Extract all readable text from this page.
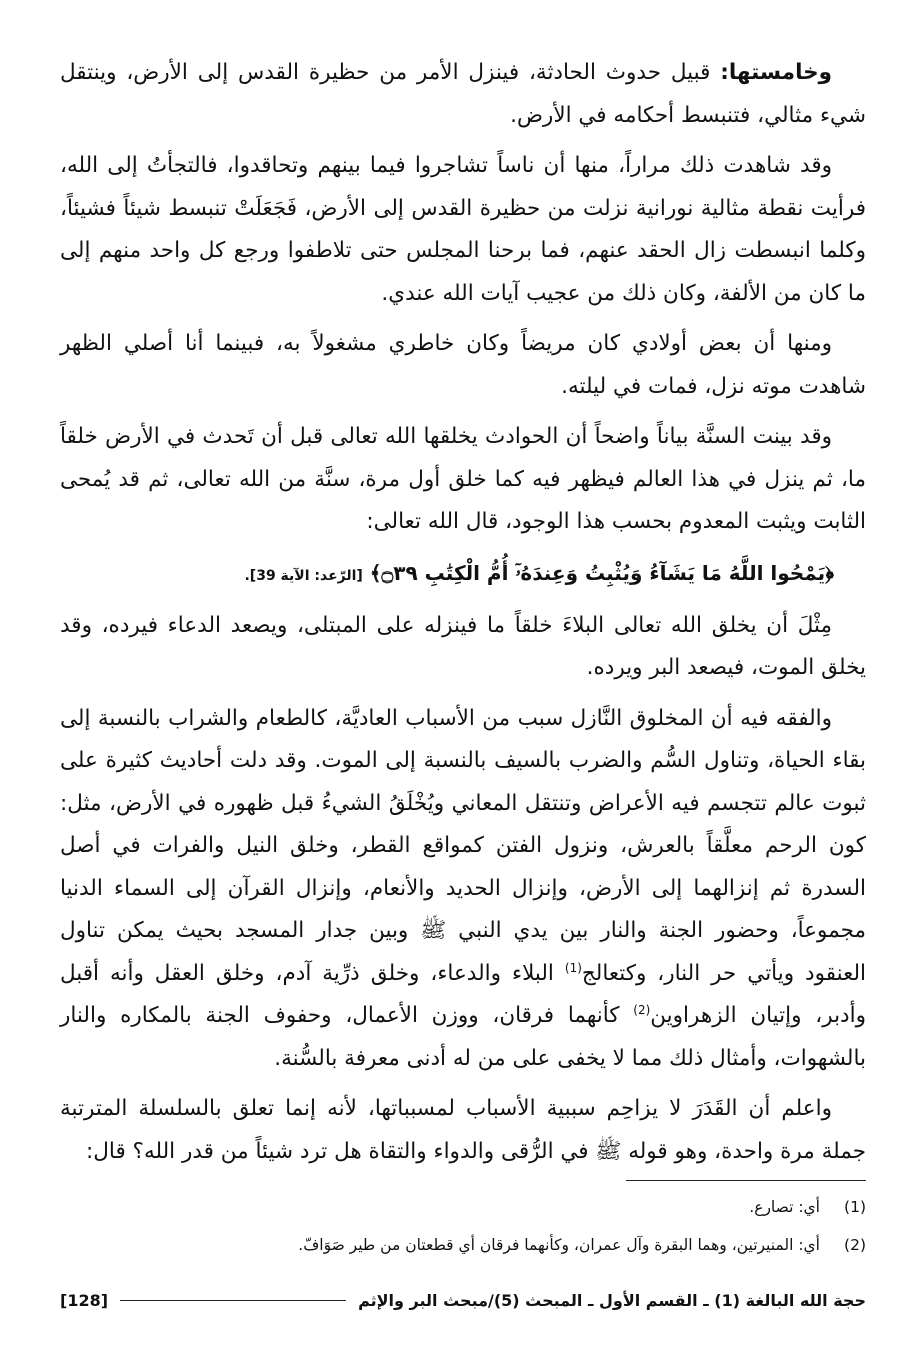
وخامستها: قبيل حدوث الحادثة، فينزل الأمر من حظيرة القدس إلى الأرض، وينتقل شيء مثالي، فتنبسط أحكامه في الأرض.

وقد شاهدت ذلك مراراً، منها أن ناساً تشاجروا فيما بينهم وتحاقدوا، فالتجأتُ إلى الله، فرأيت نقطة مثالية نورانية نزلت من حظيرة القدس إلى الأرض، فَجَعَلَتْ تنبسط شيئاً فشيئاً، وكلما انبسطت زال الحقد عنهم، فما برحنا المجلس حتى تلاطفوا ورجع كل واحد منهم إلى ما كان من الألفة، وكان ذلك من عجيب آيات الله عندي.

ومنها أن بعض أولادي كان مريضاً وكان خاطري مشغولاً به، فبينما أنا أصلي الظهر شاهدت موته نزل، فمات في ليلته.

وقد بينت السنَّة بياناً واضحاً أن الحوادث يخلقها الله تعالى قبل أن تَحدث في الأرض خلقاً ما، ثم ينزل في هذا العالم فيظهر فيه كما خلق أول مرة، سنَّة من الله تعالى، ثم قد يُمحى الثابت ويثبت المعدوم بحسب هذا الوجود، قال الله تعالى:

﴿يَمْحُوا اللَّهُ مَا يَشَآءُ وَيُثْبِتُ وَعِندَهُۥٓ أُمُّ الْكِتَٰبِ ۝٣٩﴾ [الرّعد: الآية 39].

مِثْلَ أن يخلق الله تعالى البلاءَ خلقاً ما فينزله على المبتلى، ويصعد الدعاء فيرده، وقد يخلق الموت، فيصعد البر ويرده.

والفقه فيه أن المخلوق النَّازل سبب من الأسباب العاديَّة، كالطعام والشراب بالنسبة إلى بقاء الحياة، وتناول السُّم والضرب بالسيف بالنسبة إلى الموت. وقد دلت أحاديث كثيرة على ثبوت عالم تتجسم فيه الأعراض وتنتقل المعاني ويُخْلَقُ الشيءُ قبل ظهوره في الأرض، مثل: كون الرحم معلَّقاً بالعرش، ونزول الفتن كمواقع القطر، وخلق النيل والفرات في أصل السدرة ثم إنزالهما إلى الأرض، وإنزال الحديد والأنعام، وإنزال القرآن إلى السماء الدنيا مجموعاً، وحضور الجنة والنار بين يدي النبي ﷺ وبين جدار المسجد بحيث يمكن تناول العنقود ويأتي حر النار، وكتعالج$^{(1)}$ البلاء والدعاء، وخلق ذرِّية آدم، وخلق العقل وأنه أقبل وأدبر، وإتيان الزهراوين$^{(2)}$ كأنهما فرقان، ووزن الأعمال، وحفوف الجنة بالمكاره والنار بالشهوات، وأمثال ذلك مما لا يخفى على من له أدنى معرفة بالسُّنة.

واعلم أن القَدَرَ لا يزاحِم سببية الأسباب لمسبباتها، لأنه إنما تعلق بالسلسلة المترتبة جملة مرة واحدة، وهو قوله ﷺ في الرُّقى والدواء والتقاة هل ترد شيئاً من قدر الله؟ قال:

(1)
أي: تصارع.
(2)
أي: المنيرتين، وهما البقرة وآل عمران، وكأنهما فرقان أي قطعتان من طير صَوَافّ.
حجة الله البالغة (1) ـ القسم الأول ـ المبحث (5)/مبحث البر والإثم
[128]
